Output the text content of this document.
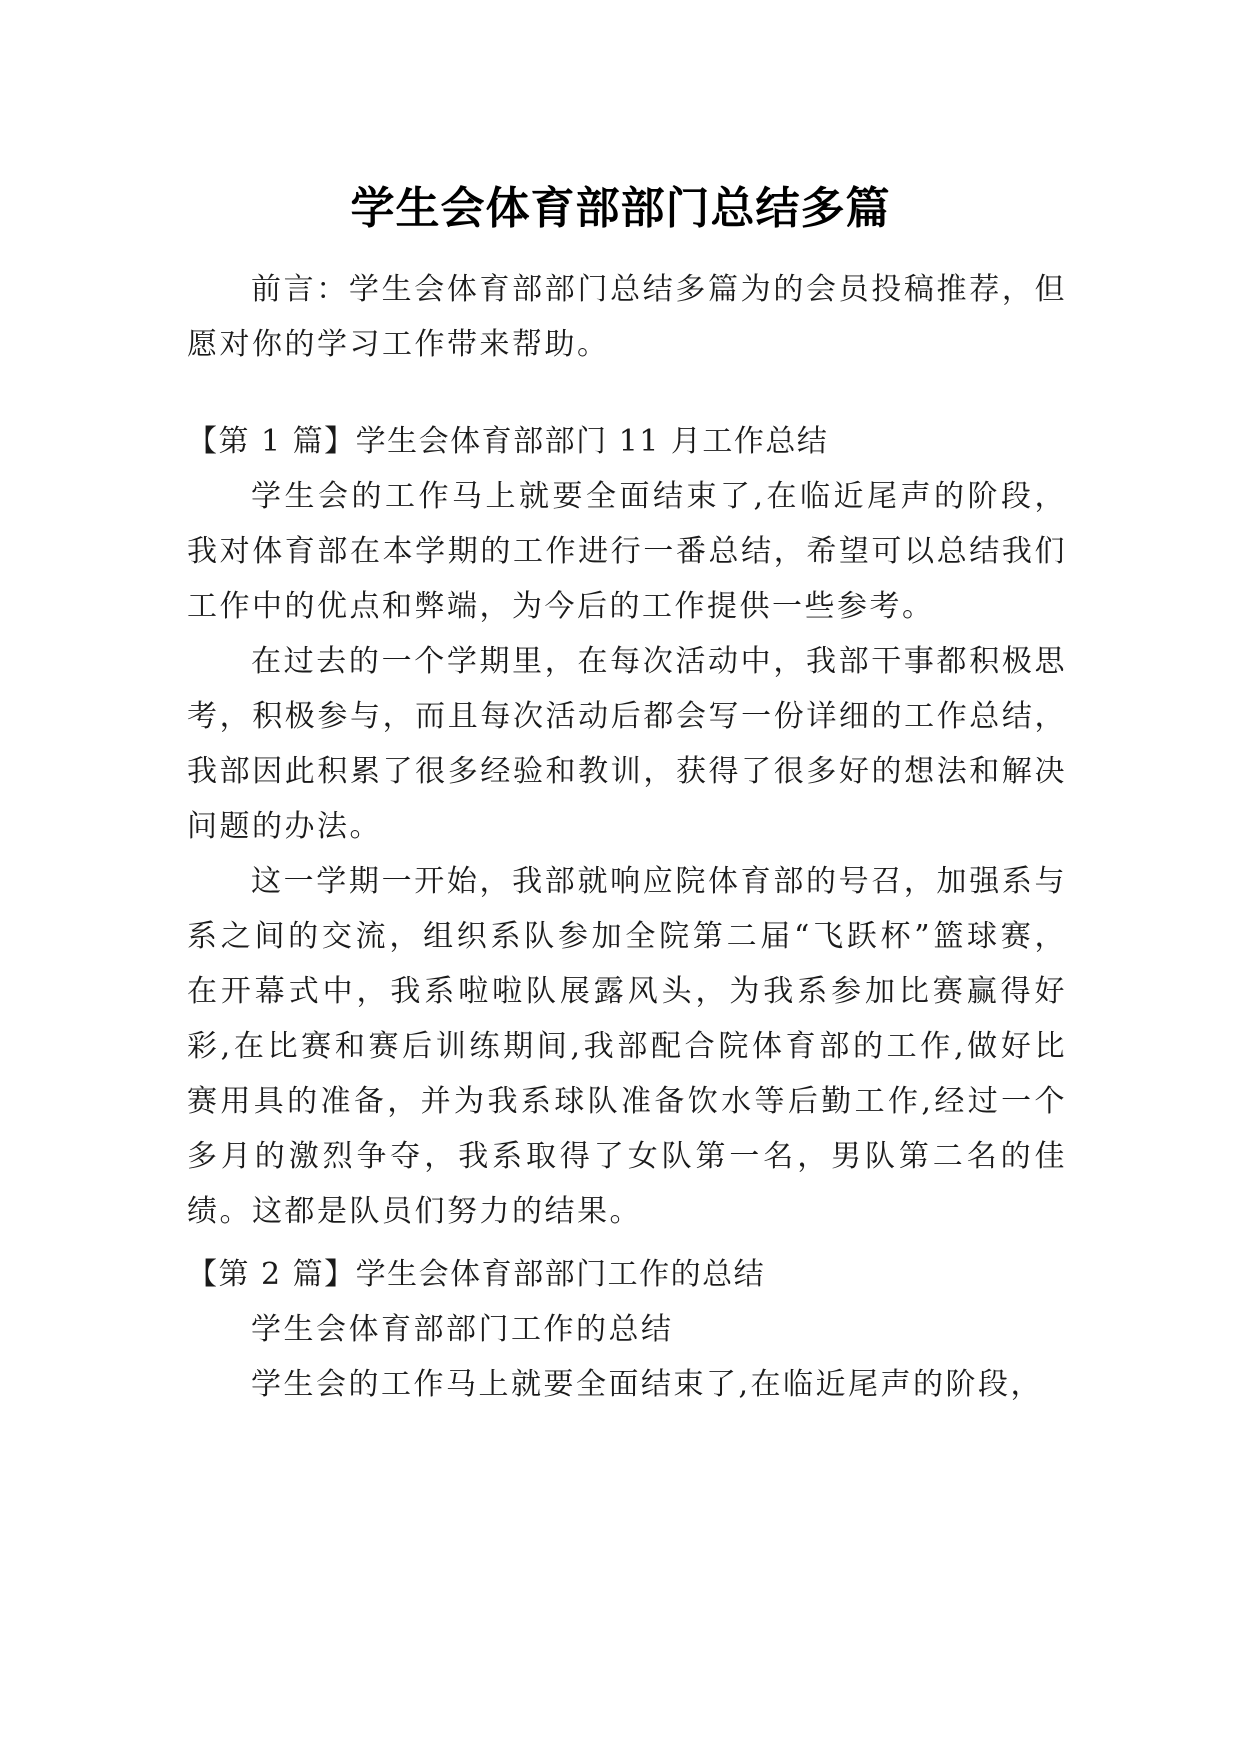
学生会体育部部门总结多篇

前言：学生会体育部部门总结多篇为的会员投稿推荐，但愿对你的学习工作带来帮助。

【第 1 篇】学生会体育部部门 11 月工作总结

学生会的工作马上就要全面结束了,在临近尾声的阶段，我对体育部在本学期的工作进行一番总结，希望可以总结我们工作中的优点和弊端，为今后的工作提供一些参考。

在过去的一个学期里，在每次活动中，我部干事都积极思考，积极参与，而且每次活动后都会写一份详细的工作总结，我部因此积累了很多经验和教训，获得了很多好的想法和解决问题的办法。

这一学期一开始，我部就响应院体育部的号召，加强系与系之间的交流，组织系队参加全院第二届“飞跃杯”篮球赛，在开幕式中，我系啦啦队展露风头，为我系参加比赛赢得好彩,在比赛和赛后训练期间,我部配合院体育部的工作,做好比赛用具的准备，并为我系球队准备饮水等后勤工作,经过一个多月的激烈争夺，我系取得了女队第一名，男队第二名的佳绩。这都是队员们努力的结果。

【第 2 篇】学生会体育部部门工作的总结

学生会体育部部门工作的总结

学生会的工作马上就要全面结束了,在临近尾声的阶段，
